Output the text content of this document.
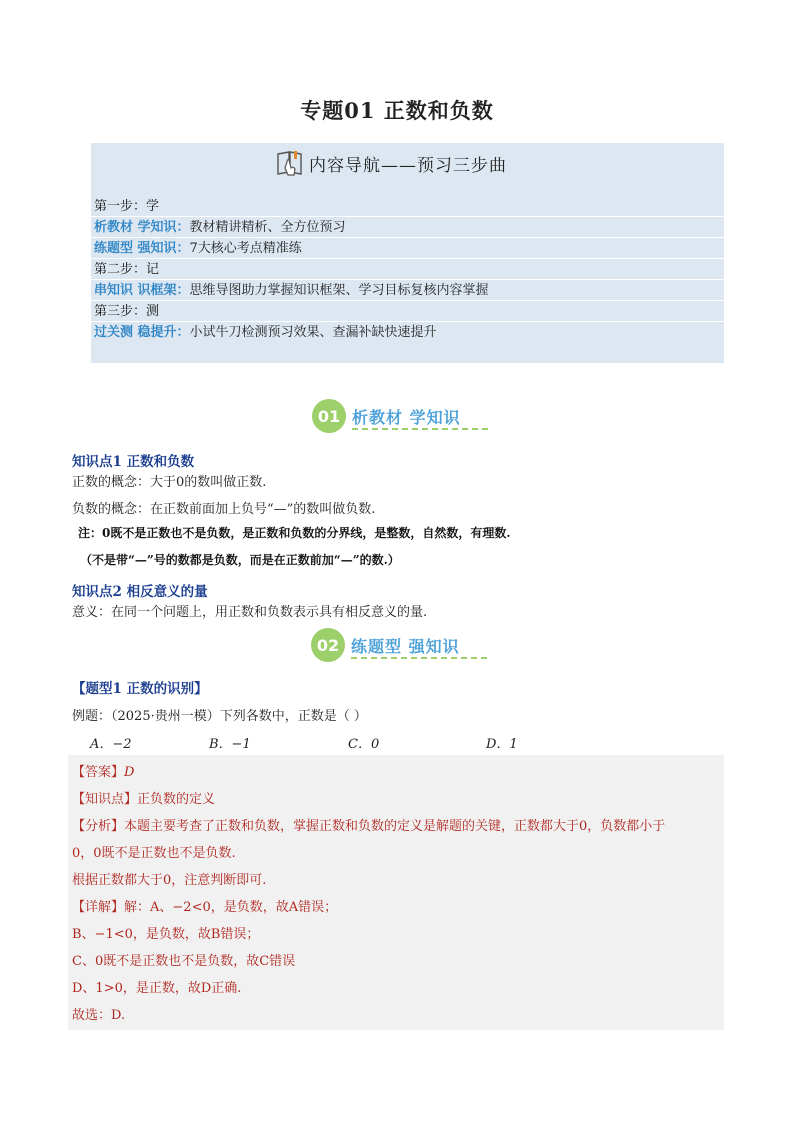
专题01 正数和负数
内容导航——预习三步曲
第一步：学
析教材 学知识：教材精讲精析、全方位预习
练题型 强知识：7大核心考点精准练
第二步：记
串知识 识框架：思维导图助力掌握知识框架、学习目标复核内容掌握
第三步：测
过关测 稳提升：小试牛刀检测预习效果、查漏补缺快速提升
01 析教材 学知识
知识点1 正数和负数
正数的概念：大于0的数叫做正数.
负数的概念：在正数前面加上负号“—”的数叫做负数.
注：0既不是正数也不是负数，是正数和负数的分界线，是整数，自然数，有理数.
（不是带“—”号的数都是负数，而是在正数前加“—”的数.）
知识点2 相反意义的量
意义：在同一个问题上，用正数和负数表示具有相反意义的量.
02 练题型 强知识
【题型1 正数的识别】
例题：（2025·贵州一模）下列各数中，正数是（ ）
A．−2	B．−1	C．0	D．1
【答案】D
【知识点】正负数的定义
【分析】本题主要考查了正数和负数，掌握正数和负数的定义是解题的关键，正数都大于0，负数都小于
0，0既不是正数也不是负数.
根据正数都大于0，注意判断即可.
【详解】解：A、−2<0，是负数，故A错误；
B、−1<0，是负数，故B错误；
C、0既不是正数也不是负数，故C错误
D、1>0，是正数，故D正确.
故选：D.
